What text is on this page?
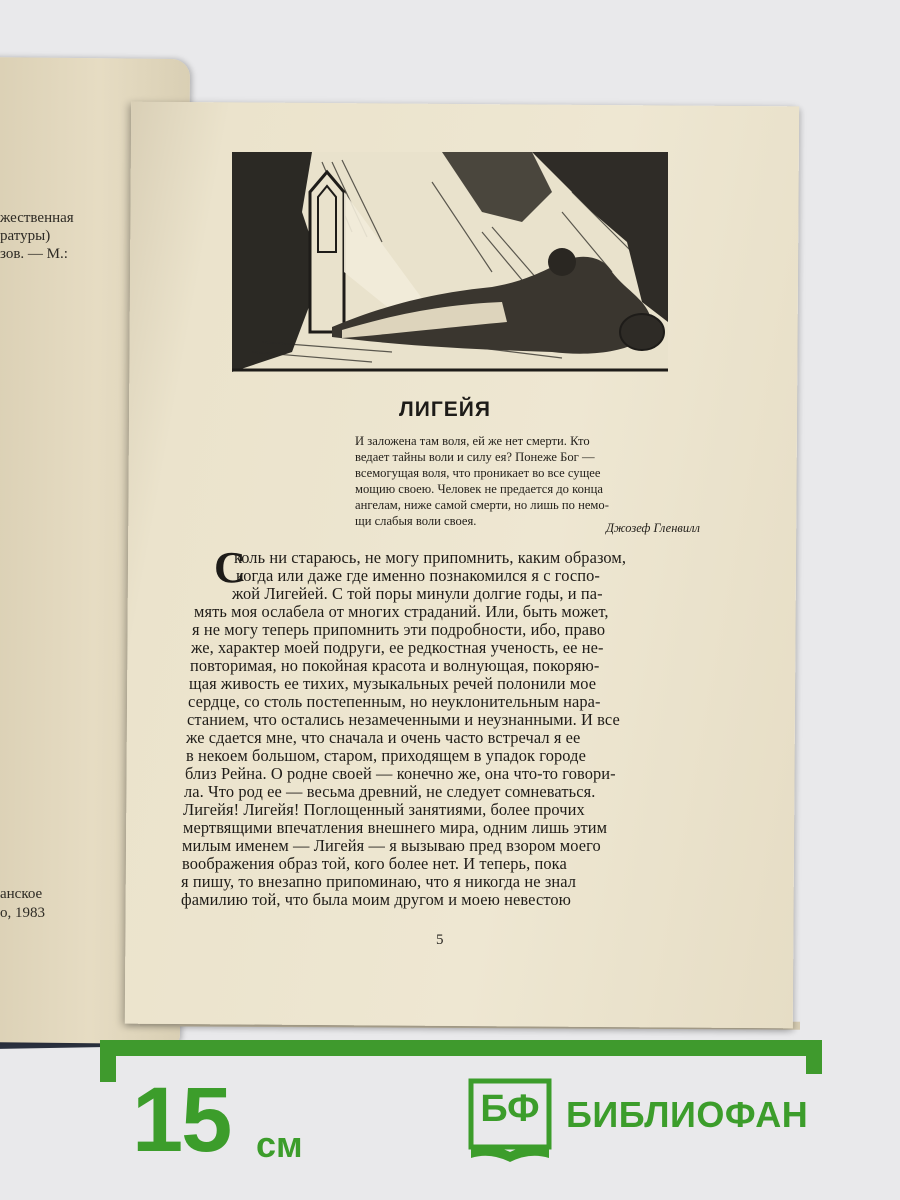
жественная
ратуры)
зов. — М.:
анское
о, 1983
ЛИГЕЙЯ
И заложена там воля, ей же нет смерти. Кто
ведает тайны воли и силу ея? Понеже Бог —
всемогущая воля, что проникает во все сущее
мощию своею. Человек не предается до конца
ангелам, ниже самой смерти, но лишь по немо-
щи слабыя воли своея.	Джозеф Гленвилл
С
коль ни стараюсь, не могу припомнить, каким образом,
когда или даже где именно познакомился я с госпо-
жой Лигейей. С той поры минули долгие годы, и па-
мять моя ослабела от многих страданий. Или, быть может,
я не могу теперь припомнить эти подробности, ибо, право
же, характер моей подруги, ее редкостная ученость, ее не-
повторимая, но покойная красота и волнующая, покоряю-
щая живость ее тихих, музыкальных речей полонили мое
сердце, со столь постепенным, но неуклонительным нара-
станием, что остались незамеченными и неузнанными. И все
же сдается мне, что сначала и очень часто встречал я ее
в некоем большом, старом, приходящем в упадок городе
близ Рейна. О родне своей — конечно же, она что-то говори-
ла. Что род ее — весьма древний, не следует сомневаться.
Лигейя! Лигейя! Поглощенный занятиями, более прочих
мертвящими впечатления внешнего мира, одним лишь этим
милым именем — Лигейя — я вызываю пред взором моего
воображения образ той, кого более нет. И теперь, пока
я пишу, то внезапно припоминаю, что я никогда не знал
фамилию той, что была моим другом и моею невестою
5
15 см
БФ БИБЛИОФАН
